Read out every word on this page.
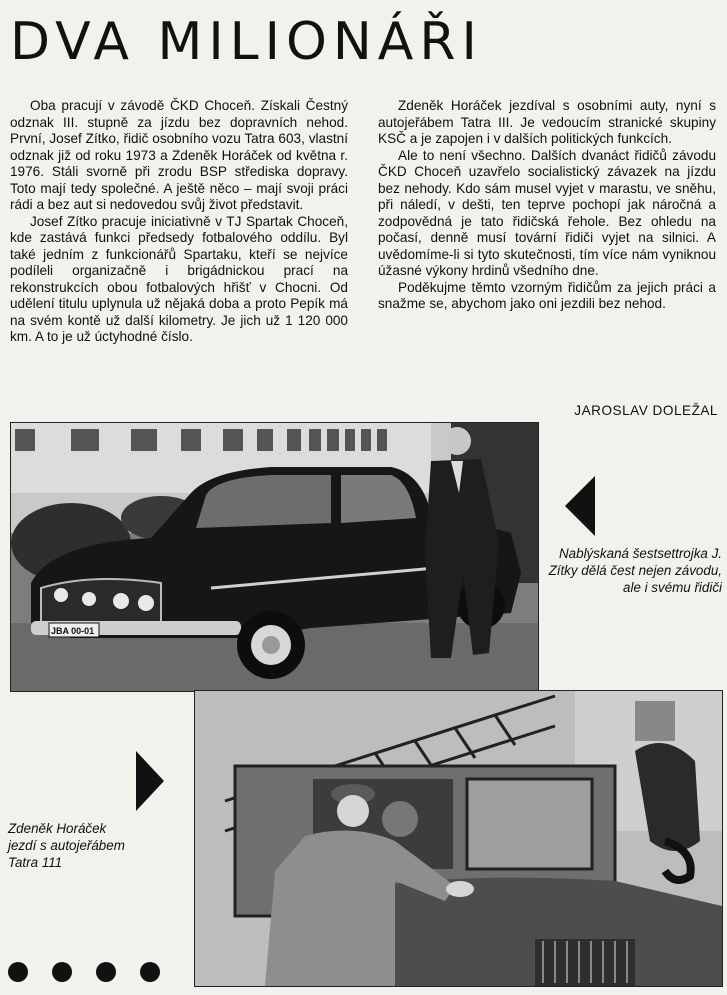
DVA MILIONÁŘI

Oba pracují v závodě ČKD Choceň. Získali Čestný odznak III. stupně za jízdu bez dopravních nehod. První, Josef Zítko, řidič osobního vozu Tatra 603, vlastní odznak již od roku 1973 a Zdeněk Horáček od května r. 1976. Stáli svorně při zrodu BSP střediska dopravy. Toto mají tedy společné. A ještě něco – mají svoji práci rádi a bez aut si nedovedou svůj život představit.

Josef Zítko pracuje iniciativně v TJ Spartak Choceň, kde zastává funkci předsedy fotbalového oddílu. Byl také jedním z funkcionářů Spartaku, kteří se nejvíce podíleli organizačně i brigádnickou prací na rekonstrukcích obou fotbalových hřišť v Chocni. Od udělení titulu uplynula už nějaká doba a proto Pepík má na svém kontě už další kilometry. Je jich už 1 120 000 km. A to je už úctyhodné číslo.

Zdeněk Horáček jezdíval s osobními auty, nyní s autojeřábem Tatra III. Je vedoucím stranické skupiny KSČ a je zapojen i v dalších politických funkcích.

Ale to není všechno. Dalších dvanáct řidičů závodu ČKD Choceň uzavřelo socialistický závazek na jízdu bez nehody. Kdo sám musel vyjet v marastu, ve sněhu, při náledí, v dešti, ten teprve pochopí jak náročná a zodpovědná je tato řidičská řehole. Bez ohledu na počasí, denně musí tovární řidiči vyjet na silnici. A uvědomíme-li si tyto skutečnosti, tím více nám vyniknou úžasné výkony hrdinů všedního dne.

Poděkujme těmto vzorným řidičům za jejich práci a snažme se, abychom jako oni jezdili bez nehod.

JAROSLAV DOLEŽAL
JBA 00-01
Nablýskaná šestsettrojka J. Zítky dělá čest nejen závodu, ale i svému řidiči
Zdeněk Horáček jezdí s autojeřábem Tatra 111
